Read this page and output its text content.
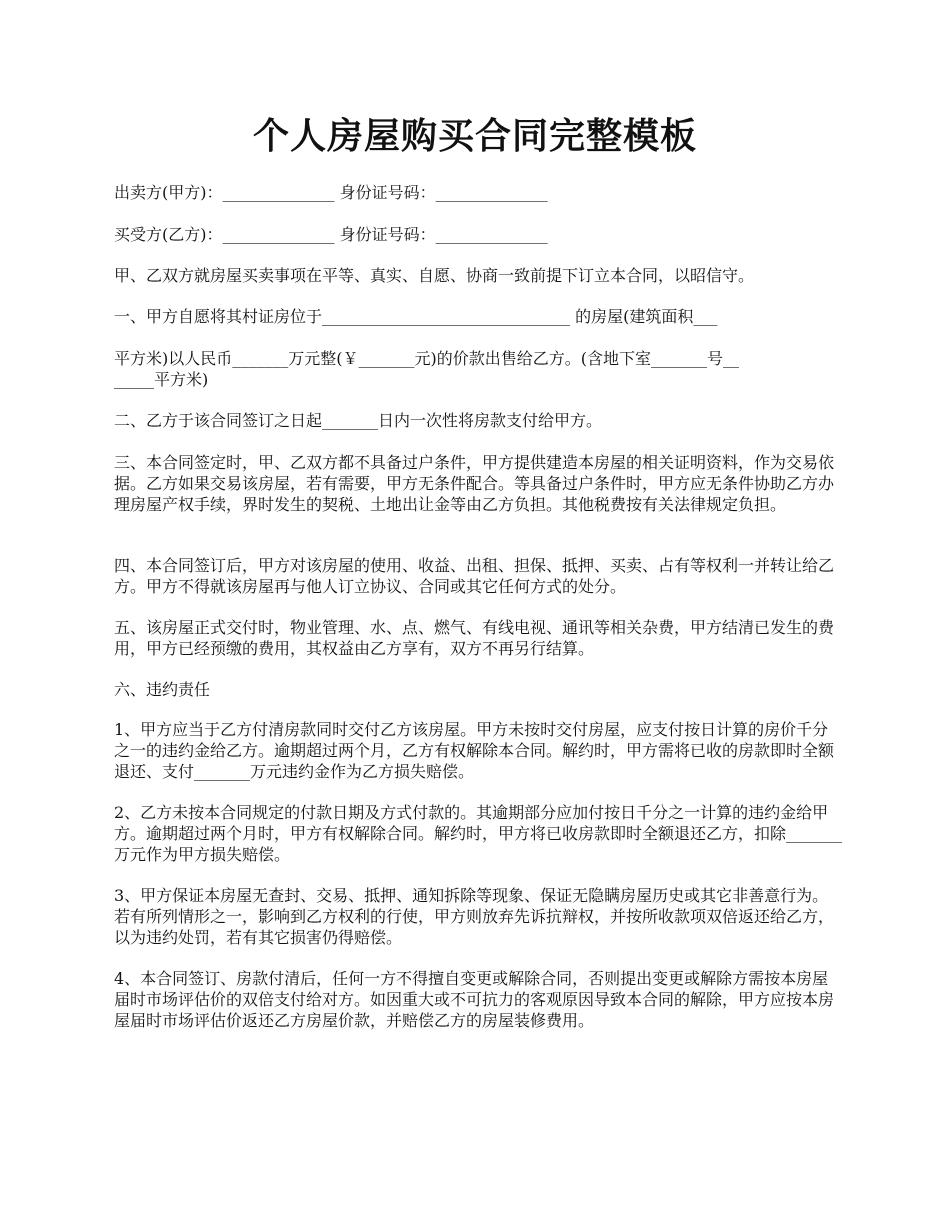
个人房屋购买合同完整模板

出卖方(甲方)：______________ 身份证号码：______________

买受方(乙方)：______________ 身份证号码：______________

甲、乙双方就房屋买卖事项在平等、真实、自愿、协商一致前提下订立本合同，以昭信守。

一、甲方自愿将其村证房位于_______________________________ 的房屋(建筑面积___

平方米)以人民币_______万元整(￥_______元)的价款出售给乙方。(含地下室_______号__
_____平方米)

二、乙方于该合同签订之日起_______日内一次性将房款支付给甲方。

三、本合同签定时，甲、乙双方都不具备过户条件，甲方提供建造本房屋的相关证明资料，作为交易依据。乙方如果交易该房屋，若有需要，甲方无条件配合。等具备过户条件时，甲方应无条件协助乙方办理房屋产权手续，界时发生的契税、土地出让金等由乙方负担。其他税费按有关法律规定负担。

四、本合同签订后，甲方对该房屋的使用、收益、出租、担保、抵押、买卖、占有等权利一并转让给乙方。甲方不得就该房屋再与他人订立协议、合同或其它任何方式的处分。

五、该房屋正式交付时，物业管理、水、点、燃气、有线电视、通讯等相关杂费，甲方结清已发生的费用，甲方已经预缴的费用，其权益由乙方享有，双方不再另行结算。

六、违约责任

1、甲方应当于乙方付清房款同时交付乙方该房屋。甲方未按时交付房屋，应支付按日计算的房价千分之一的违约金给乙方。逾期超过两个月，乙方有权解除本合同。解约时，甲方需将已收的房款即时全额退还、支付_______万元违约金作为乙方损失赔偿。

2、乙方未按本合同规定的付款日期及方式付款的。其逾期部分应加付按日千分之一计算的违约金给甲方。逾期超过两个月时，甲方有权解除合同。解约时，甲方将已收房款即时全额退还乙方，扣除_______万元作为甲方损失赔偿。

3、甲方保证本房屋无查封、交易、抵押、通知拆除等现象、保证无隐瞒房屋历史或其它非善意行为。若有所列情形之一，影响到乙方权利的行使，甲方则放弃先诉抗辩权，并按所收款项双倍返还给乙方，以为违约处罚，若有其它损害仍得赔偿。

4、本合同签订、房款付清后，任何一方不得擅自变更或解除合同，否则提出变更或解除方需按本房屋届时市场评估价的双倍支付给对方。如因重大或不可抗力的客观原因导致本合同的解除，甲方应按本房屋届时市场评估价返还乙方房屋价款，并赔偿乙方的房屋装修费用。
